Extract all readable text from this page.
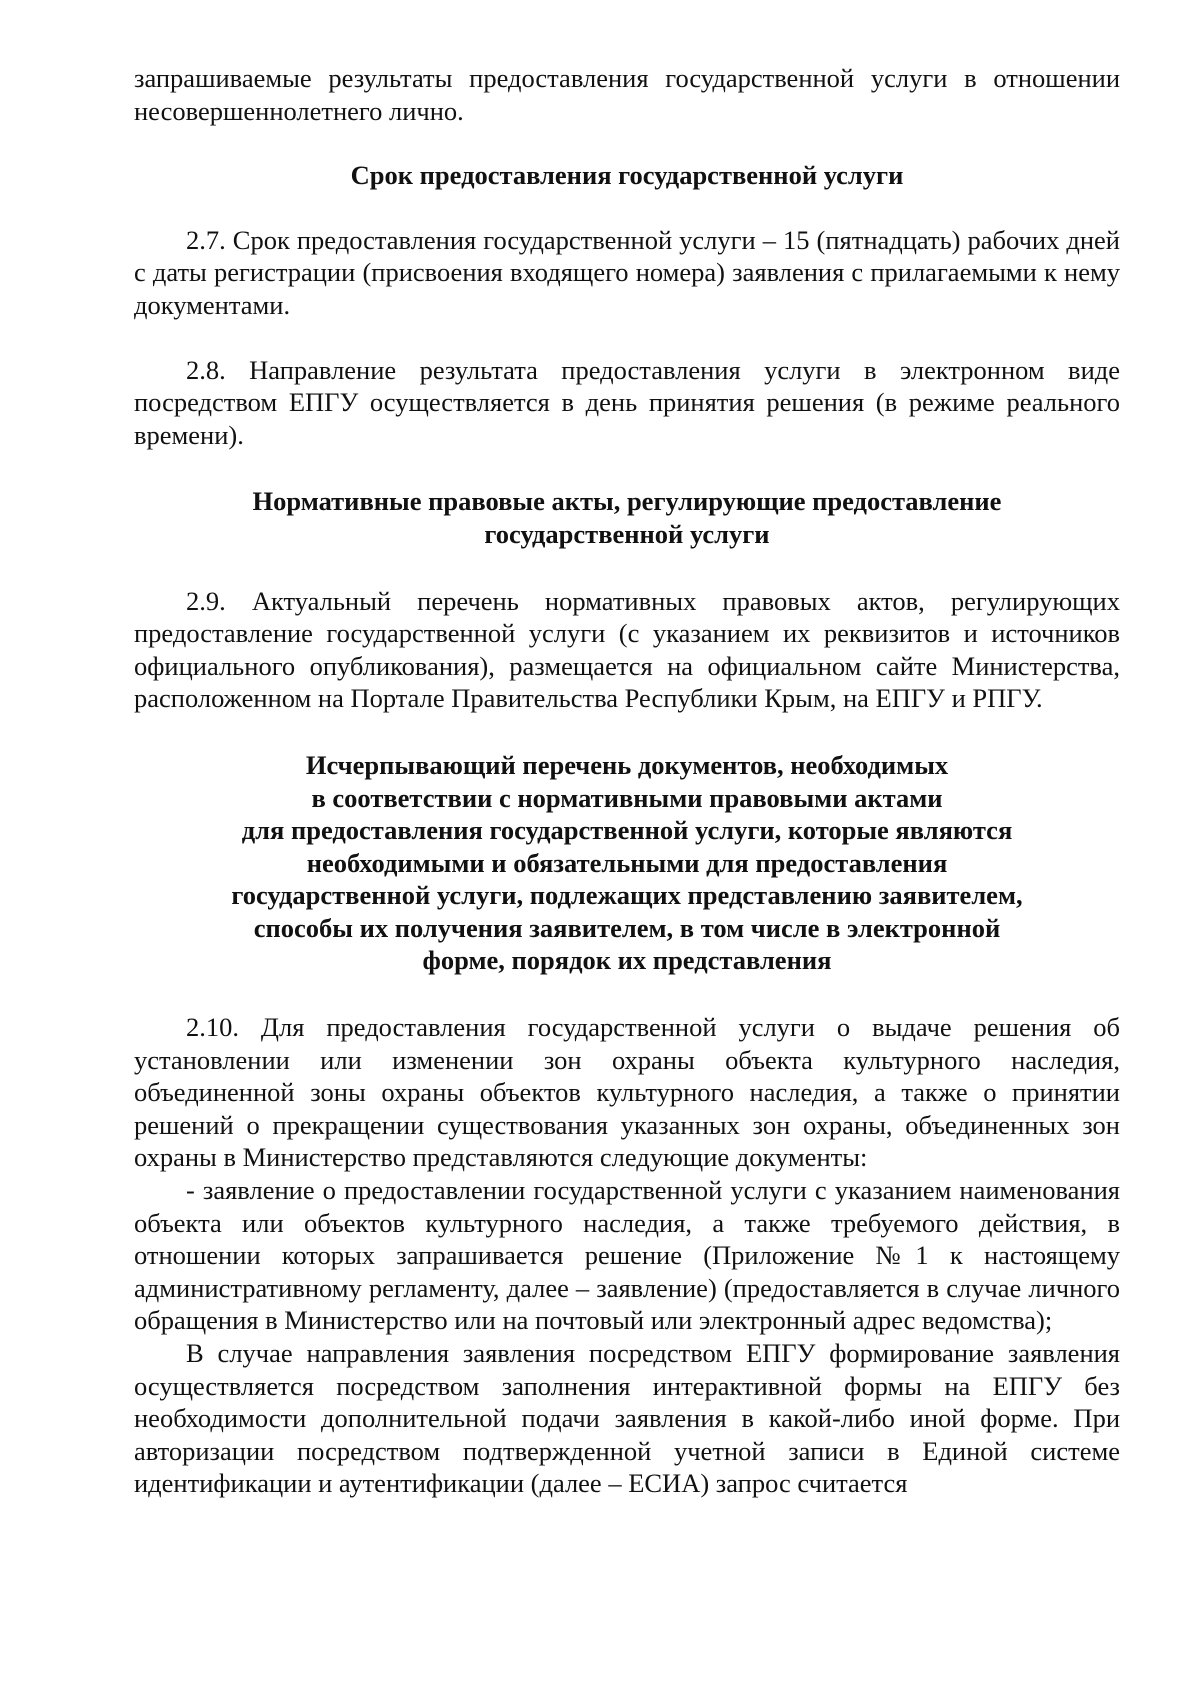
запрашиваемые результаты предоставления государственной услуги в отношении несовершеннолетнего лично.

Срок предоставления государственной услуги

2.7. Срок предоставления государственной услуги – 15 (пятнадцать) рабочих дней с даты регистрации (присвоения входящего номера) заявления с прилагаемыми к нему документами.

2.8. Направление результата предоставления услуги в электронном виде посредством ЕПГУ осуществляется в день принятия решения (в режиме реального времени).

Нормативные правовые акты, регулирующие предоставление
государственной услуги

2.9. Актуальный перечень нормативных правовых актов, регулирующих предоставление государственной услуги (с указанием их реквизитов и источников официального опубликования), размещается на официальном сайте Министерства, расположенном на Портале Правительства Республики Крым, на ЕПГУ и РПГУ.

Исчерпывающий перечень документов, необходимых
в соответствии с нормативными правовыми актами
для предоставления государственной услуги, которые являются
необходимыми и обязательными для предоставления
государственной услуги, подлежащих представлению заявителем,
способы их получения заявителем, в том числе в электронной
форме, порядок их представления

2.10. Для предоставления государственной услуги о выдаче решения об установлении или изменении зон охраны объекта культурного наследия, объединенной зоны охраны объектов культурного наследия, а также о принятии решений о прекращении существования указанных зон охраны, объединенных зон охраны в Министерство представляются следующие документы:

- заявление о предоставлении государственной услуги с указанием наименования объекта или объектов культурного наследия, а также требуемого действия, в отношении которых запрашивается решение (Приложение №1 к настоящему административному регламенту, далее – заявление) (предоставляется в случае личного обращения в Министерство или на почтовый или электронный адрес ведомства);

В случае направления заявления посредством ЕПГУ формирование заявления осуществляется посредством заполнения интерактивной формы на ЕПГУ без необходимости дополнительной подачи заявления в какой-либо иной форме. При авторизации посредством подтвержденной учетной записи в Единой системе идентификации и аутентификации (далее – ЕСИА) запрос считается
